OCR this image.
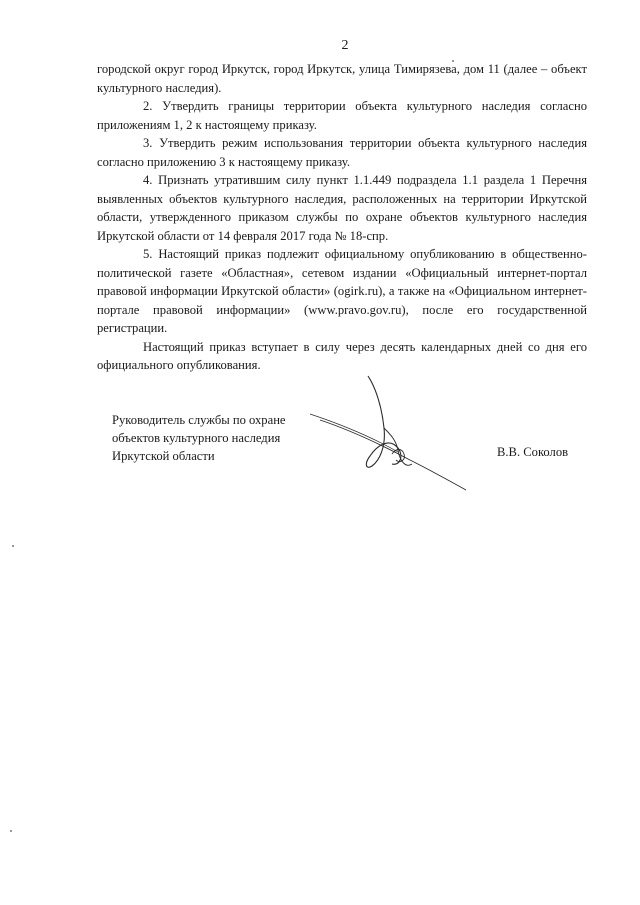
2

городской округ город Иркутск, город Иркутск, улица Тимирязева, дом 11 (далее – объект культурного наследия).

2. Утвердить границы территории объекта культурного наследия согласно приложениям 1, 2 к настоящему приказу.

3. Утвердить режим использования территории объекта культурного наследия согласно приложению 3 к настоящему приказу.

4. Признать утратившим силу пункт 1.1.449 подраздела 1.1 раздела 1 Перечня выявленных объектов культурного наследия, расположенных на территории Иркутской области, утвержденного приказом службы по охране объектов культурного наследия Иркутской области от 14 февраля 2017 года № 18-спр.

5. Настоящий приказ подлежит официальному опубликованию в общественно-политической газете «Областная», сетевом издании «Официальный интернет-портал правовой информации Иркутской области» (ogirk.ru), а также на «Официальном интернет-портале правовой информации» (www.pravo.gov.ru), после его государственной регистрации.

Настоящий приказ вступает в силу через десять календарных дней со дня его официального опубликования.

Руководитель службы по охране
объектов культурного наследия
Иркутской области	В.В. Соколов
